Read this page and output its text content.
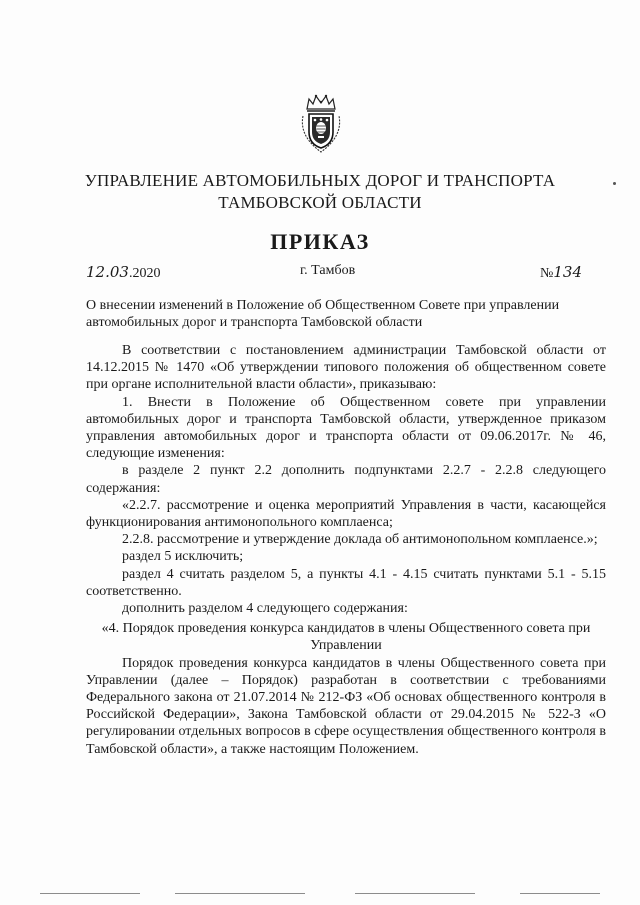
УПРАВЛЕНИЕ АВТОМОБИЛЬНЫХ ДОРОГ И ТРАНСПОРТА
ТАМБОВСКОЙ ОБЛАСТИ
ПРИКАЗ
12.03.2020	г. Тамбов	№134
О внесении изменений в Положение об Общественном Совете при управлении автомобильных дорог и транспорта Тамбовской области

В соответствии с постановлением администрации Тамбовской области от 14.12.2015 № 1470 «Об утверждении типового положения об общественном совете при органе исполнительной власти области», приказываю:

1. Внести в Положение об Общественном совете при управлении автомобильных дорог и транспорта Тамбовской области, утвержденное приказом управления автомобильных дорог и транспорта области от 09.06.2017г. № 46, следующие изменения:

в разделе 2 пункт 2.2 дополнить подпунктами 2.2.7 - 2.2.8 следующего содержания:

«2.2.7. рассмотрение и оценка мероприятий Управления в части, касающейся функционирования антимонопольного комплаенса;

2.2.8. рассмотрение и утверждение доклада об антимонопольном комплаенсе.»;

раздел 5 исключить;

раздел 4 считать разделом 5, а пункты 4.1 - 4.15 считать пунктами 5.1 - 5.15 соответственно.

дополнить разделом 4 следующего содержания:

«4. Порядок проведения конкурса кандидатов в члены Общественного совета при Управлении

Порядок проведения конкурса кандидатов в члены Общественного совета при Управлении (далее – Порядок) разработан в соответствии с требованиями Федерального закона от 21.07.2014 № 212-ФЗ «Об основах общественного контроля в Российской Федерации», Закона Тамбовской области от 29.04.2015 № 522-З «О регулировании отдельных вопросов в сфере осуществления общественного контроля в Тамбовской области», а также настоящим Положением.
